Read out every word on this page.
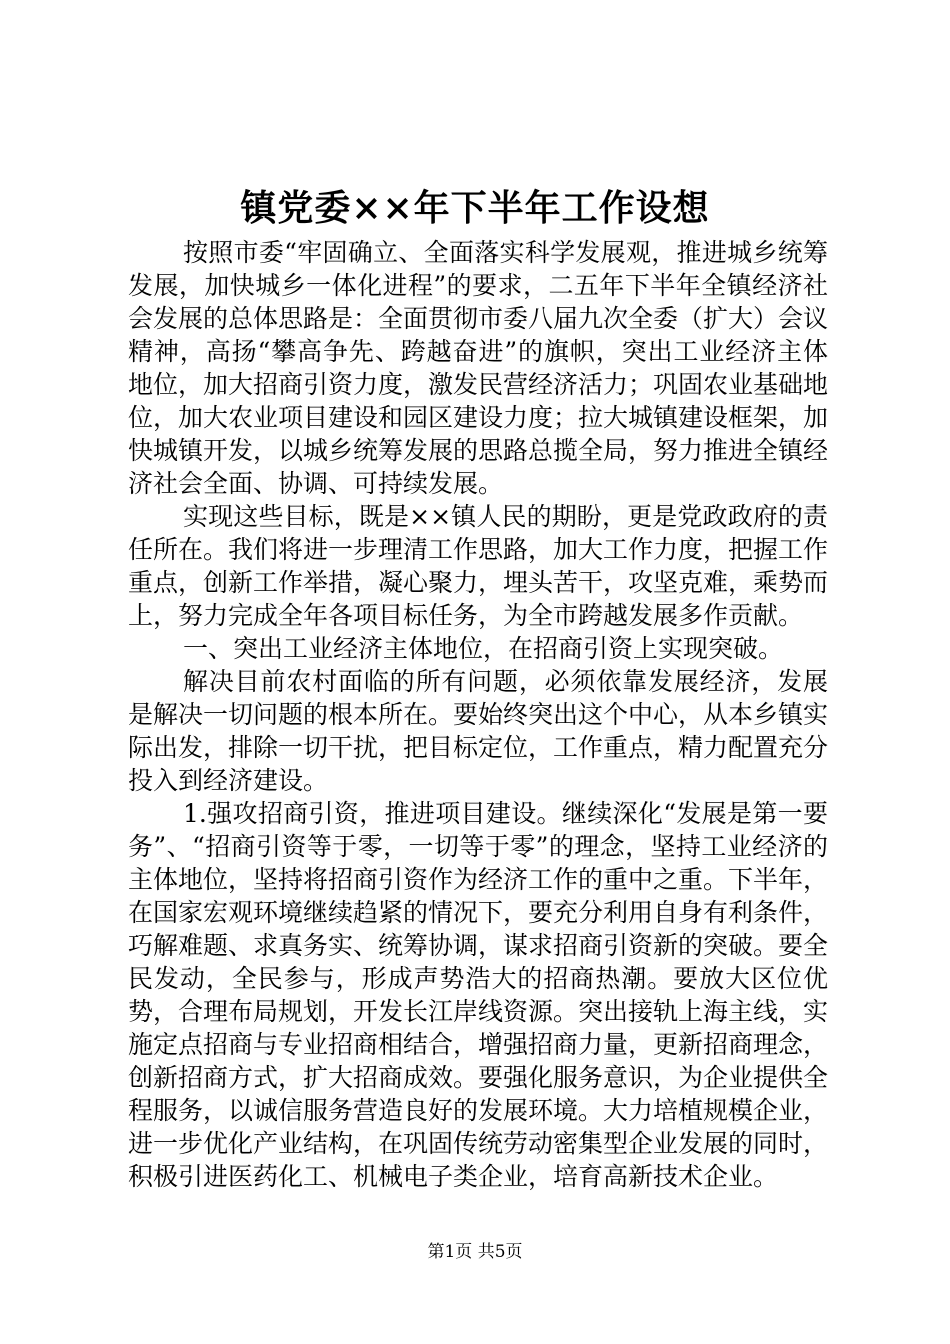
镇党委××年下半年工作设想

按照市委“牢固确立、全面落实科学发展观，推进城乡统筹发展，加快城乡一体化进程”的要求，二五年下半年全镇经济社会发展的总体思路是：全面贯彻市委八届九次全委（扩大）会议精神，高扬“攀高争先、跨越奋进”的旗帜，突出工业经济主体地位，加大招商引资力度，激发民营经济活力；巩固农业基础地位，加大农业项目建设和园区建设力度；拉大城镇建设框架，加快城镇开发，以城乡统筹发展的思路总揽全局，努力推进全镇经济社会全面、协调、可持续发展。

实现这些目标，既是××镇人民的期盼，更是党政政府的责任所在。我们将进一步理清工作思路，加大工作力度，把握工作重点，创新工作举措，凝心聚力，埋头苦干，攻坚克难，乘势而上，努力完成全年各项目标任务，为全市跨越发展多作贡献。

一、突出工业经济主体地位，在招商引资上实现突破。

解决目前农村面临的所有问题，必须依靠发展经济，发展是解决一切问题的根本所在。要始终突出这个中心，从本乡镇实际出发，排除一切干扰，把目标定位，工作重点，精力配置充分投入到经济建设。

1.强攻招商引资，推进项目建设。继续深化“发展是第一要务”、“招商引资等于零，一切等于零”的理念，坚持工业经济的主体地位，坚持将招商引资作为经济工作的重中之重。下半年，在国家宏观环境继续趋紧的情况下，要充分利用自身有利条件，巧解难题、求真务实、统筹协调，谋求招商引资新的突破。要全民发动，全民参与，形成声势浩大的招商热潮。要放大区位优势，合理布局规划，开发长江岸线资源。突出接轨上海主线，实施定点招商与专业招商相结合，增强招商力量，更新招商理念，创新招商方式，扩大招商成效。要强化服务意识，为企业提供全程服务，以诚信服务营造良好的发展环境。大力培植规模企业，进一步优化产业结构，在巩固传统劳动密集型企业发展的同时，积极引进医药化工、机械电子类企业，培育高新技术企业。

第1页 共5页
